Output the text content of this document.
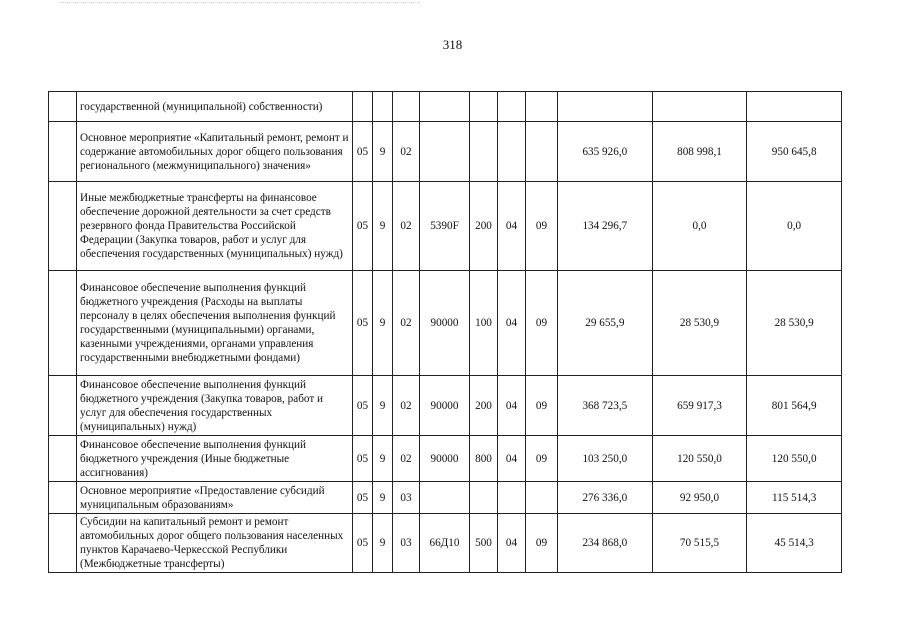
318
	государственной (муниципальной) собственности)										
	Основное мероприятие «Капитальный ремонт, ремонт и содержание автомобильных дорог общего пользования регионального (межмуниципального) значения»	05	9	02					635 926,0	808 998,1	950 645,8
	Иные межбюджетные трансферты на финансовое обеспечение дорожной деятельности за счет средств резервного фонда Правительства Российской Федерации (Закупка товаров, работ и услуг для обеспечения государственных (муниципальных) нужд)	05	9	02	5390F	200	04	09	134 296,7	0,0	0,0
	Финансовое обеспечение выполнения функций бюджетного учреждения (Расходы на выплаты персоналу в целях обеспечения выполнения функций государственными (муниципальными) органами, казенными учреждениями, органами управления государственными внебюджетными фондами)	05	9	02	90000	100	04	09	29 655,9	28 530,9	28 530,9
	Финансовое обеспечение выполнения функций бюджетного учреждения (Закупка товаров, работ и услуг для обеспечения государственных (муниципальных) нужд)	05	9	02	90000	200	04	09	368 723,5	659 917,3	801 564,9
	Финансовое обеспечение выполнения функций бюджетного учреждения (Иные бюджетные ассигнования)	05	9	02	90000	800	04	09	103 250,0	120 550,0	120 550,0
	Основное мероприятие «Предоставление субсидий муниципальным образованиям»	05	9	03					276 336,0	92 950,0	115 514,3
	Субсидии на капитальный ремонт и ремонт автомобильных дорог общего пользования населенных пунктов Карачаево-Черкесской Республики (Межбюджетные трансферты)	05	9	03	66Д10	500	04	09	234 868,0	70 515,5	45 514,3
